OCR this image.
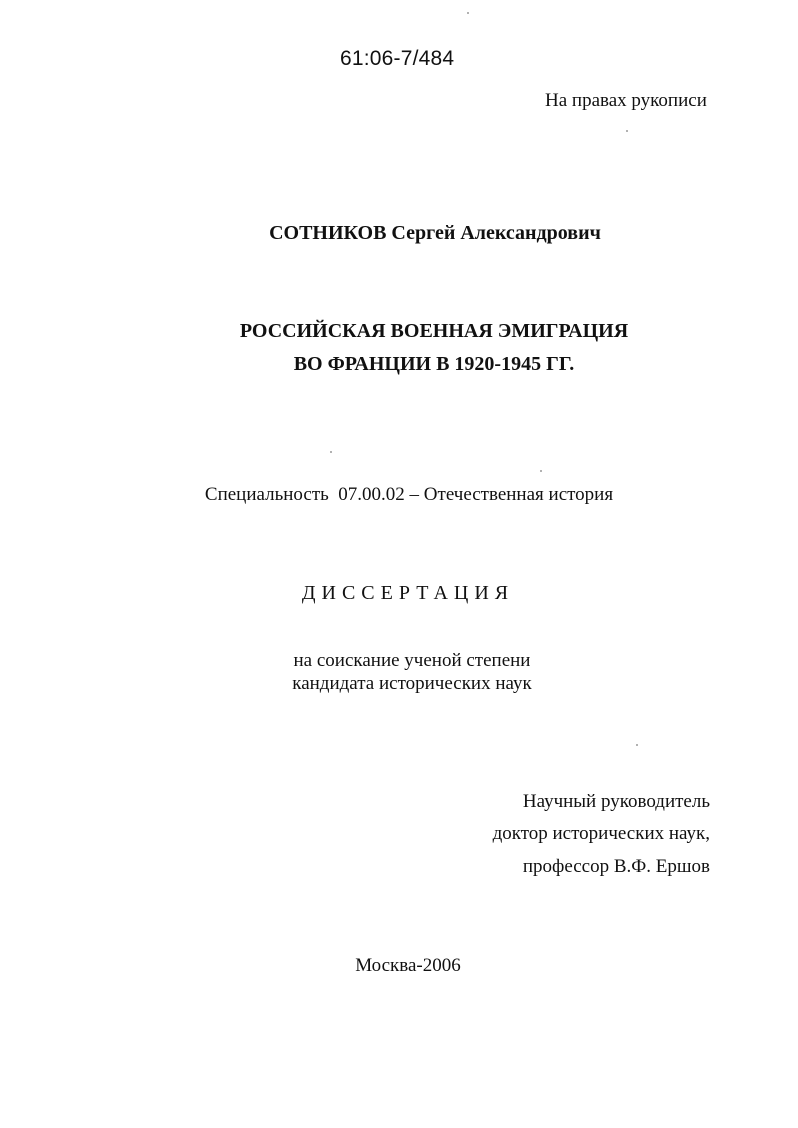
61:06-7/484
На правах рукописи
СОТНИКОВ Сергей Александрович
РОССИЙСКАЯ ВОЕННАЯ ЭМИГРАЦИЯ
ВО ФРАНЦИИ В 1920-1945 ГГ.
Специальность  07.00.02 – Отечественная история
ДИССЕРТАЦИЯ
на соискание ученой степени
кандидата исторических наук
Научный руководитель
доктор исторических наук,
профессор В.Ф. Ершов
Москва-2006
